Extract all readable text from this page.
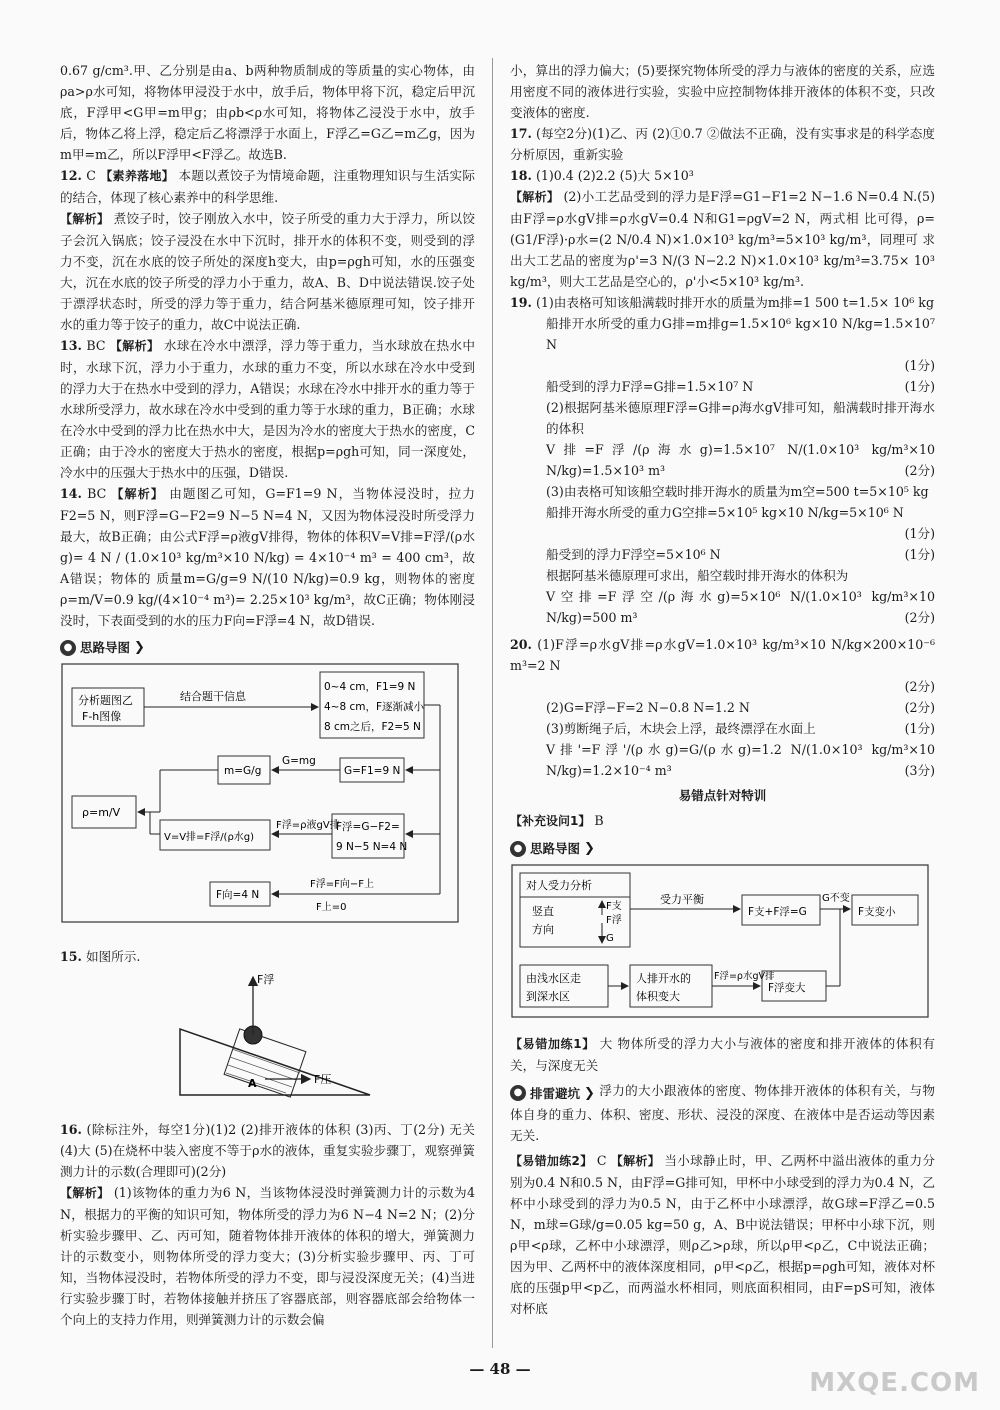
0.67 g/cm³.甲、乙分别是由a、b两种物质制成的等质量的实心物体，由ρa>ρ水可知，将物体甲浸没于水中，放手后，物体甲将下沉，稳定后甲沉底，F浮甲<G甲=m甲g；由ρb<ρ水可知，将物体乙浸没于水中，放手后，物体乙将上浮，稳定后乙将漂浮于水面上，F浮乙=G乙=m乙g，因为m甲=m乙，所以F浮甲<F浮乙。故选B.

12. C 【素养落地】 本题以煮饺子为情境命题，注重物理知识与生活实际的结合，体现了核心素养中的科学思维.
【解析】 煮饺子时，饺子刚放入水中，饺子所受的重力大于浮力，所以饺子会沉入锅底；饺子浸没在水中下沉时，排开水的体积不变，则受到的浮力不变，沉在水底的饺子所处的深度h变大，由p=ρgh可知，水的压强变大，沉在水底的饺子所受的浮力小于重力，故A、B、D中说法错误.饺子处于漂浮状态时，所受的浮力等于重力，结合阿基米德原理可知，饺子排开水的重力等于饺子的重力，故C中说法正确.

13. BC 【解析】 水球在冷水中漂浮，浮力等于重力，当水球放在热水中时，水球下沉，浮力小于重力，水球的重力不变，所以水球在冷水中受到的浮力大于在热水中受到的浮力，A错误；水球在冷水中排开水的重力等于水球所受浮力，故水球在冷水中受到的重力等于水球的重力，B正确；水球在冷水中受到的浮力比在热水中大，是因为冷水的密度大于热水的密度，C正确；由于冷水的密度大于热水的密度，根据p=ρgh可知，同一深度处，冷水中的压强大于热水中的压强，D错误.

14. BC 【解析】 由题图乙可知，G=F1=9 N，当物体浸没时，拉力F2=5 N，则F浮=G−F2=9 N−5 N=4 N，又因为物体浸没时所受浮力最大，故B正确；由公式F浮=ρ液gV排得，物体的体积V=V排=F浮/(ρ水g)= 4 N / (1.0×10³ kg/m³×10 N/kg) = 4×10⁻⁴ m³ = 400 cm³，故A错误；物体的 质量m=G/g=9 N/(10 N/kg)=0.9 kg，则物体的密度ρ=m/V=0.9 kg/(4×10⁻⁴ m³)= 2.25×10³ kg/m³，故C正确；物体刚浸没时，下表面受到的水的压力F向=F浮=4 N，故D错误.

● 思路导图 ❯

分析题图乙
F-h图像
结合题干信息
0~4 cm，F1=9 N
4~8 cm，F逐渐减小
8 cm之后，F2=5 N
G=F1=9 N
G=mg
m=G/g
ρ=m/V
F浮=G−F2=
9 N−5 N=4 N
F浮=ρ液gV排
V=V排=F浮/(ρ水g)
F浮=F向−F上
F上=0
F向=4 N

15. 如图所示.

F浮
F压
A

16. (除标注外，每空1分)(1)2 (2)排开液体的体积 (3)丙、丁(2分) 无关 (4)大 (5)在烧杯中装入密度不等于ρ水的液体，重复实验步骤丁，观察弹簧测力计的示数(合理即可)(2分)
【解析】 (1)该物体的重力为6 N，当该物体浸没时弹簧测力计的示数为4 N，根据力的平衡的知识可知，物体所受的浮力为6 N−4 N=2 N；(2)分析实验步骤甲、乙、丙可知，随着物体排开液体的体积的增大，弹簧测力计的示数变小，则物体所受的浮力变大；(3)分析实验步骤甲、丙、丁可知，当物体浸没时，若物体所受的浮力不变，即与浸没深度无关；(4)当进行实验步骤丁时，若物体接触并挤压了容器底部，则容器底部会给物体一个向上的支持力作用，则弹簧测力计的示数会偏

小，算出的浮力偏大；(5)要探究物体所受的浮力与液体的密度的关系，应选用密度不同的液体进行实验，实验中应控制物体排开液体的体积不变，只改变液体的密度.

17. (每空2分)(1)乙、丙 (2)①0.7 ②做法不正确，没有实事求是的科学态度 分析原因，重新实验

18. (1)0.4 (2)2.2 (5)大 5×10³
【解析】 (2)小工艺品受到的浮力是F浮=G1−F1=2 N−1.6 N=0.4 N.(5)由F浮=ρ水gV排=ρ水gV=0.4 N和G1=ρgV=2 N，两式相 比可得，ρ=(G1/F浮)·ρ水=(2 N/0.4 N)×1.0×10³ kg/m³=5×10³ kg/m³，同理可 求出大工艺品的密度为ρ'=3 N/(3 N−2.2 N)×1.0×10³ kg/m³=3.75× 10³ kg/m³，则大工艺品是空心的，ρ'小<5×10³ kg/m³.

19. (1)由表格可知该船满载时排开水的质量为m排=1 500 t=1.5× 10⁶ kg

船排开水所受的重力G排=m排g=1.5×10⁶ kg×10 N/kg=1.5×10⁷ N

(1分)

船受到的浮力F浮=G排=1.5×10⁷ N	(1分)

(2)根据阿基米德原理F浮=G排=ρ海水gV排可知，船满载时排开海水的体积

V排=F浮/(ρ海水g)=1.5×10⁷ N/(1.0×10³ kg/m³×10 N/kg)=1.5×10³ m³	(2分)

(3)由表格可知该船空载时排开海水的质量为m空=500 t=5×10⁵ kg

船排开海水所受的重力G空排=5×10⁵ kg×10 N/kg=5×10⁶ N

(1分)

船受到的浮力F浮空=5×10⁶ N	(1分)

根据阿基米德原理可求出，船空载时排开海水的体积为

V空排=F浮空/(ρ海水g)=5×10⁶ N/(1.0×10³ kg/m³×10 N/kg)=500 m³	(2分)

20. (1)F浮=ρ水gV排=ρ水gV=1.0×10³ kg/m³×10 N/kg×200×10⁻⁶ m³=2 N

(2分)

(2)G=F浮−F=2 N−0.8 N=1.2 N	(2分)

(3)剪断绳子后，木块会上浮，最终漂浮在水面上	(1分)

V排'=F浮'/(ρ水g)=G/(ρ水g)=1.2 N/(1.0×10³ kg/m³×10 N/kg)=1.2×10⁻⁴ m³	(3分)

易错点针对特训

【补充设问1】 B

● 思路导图 ❯

对人受力分析
竖直
方向
F支
F浮
G
受力平衡
F支+F浮=G
G不变
F支变小
由浅水区走
到深水区
人排开水的
体积变大
F浮=ρ水gV排
F浮变大

【易错加练1】 大 物体所受的浮力大小与液体的密度和排开液体的体积有关，与深度无关

● 排雷避坑 ❯ 浮力的大小跟液体的密度、物体排开液体的体积有关，与物体自身的重力、体积、密度、形状、浸没的深度、在液体中是否运动等因素无关.

【易错加练2】 C 【解析】 当小球静止时，甲、乙两杯中溢出液体的重力分别为0.4 N和0.5 N，由F浮=G排可知，甲杯中小球受到的浮力为0.4 N，乙杯中小球受到的浮力为0.5 N，由于乙杯中小球漂浮，故G球=F浮乙=0.5 N，m球=G球/g=0.05 kg=50 g，A、B中说法错误；甲杯中小球下沉，则ρ甲<ρ球，乙杯中小球漂浮，则ρ乙>ρ球，所以ρ甲<ρ乙，C中说法正确；因为甲、乙两杯中的液体深度相同，ρ甲<ρ乙，根据p=ρgh可知，液体对杯底的压强p甲<p乙，而两溢水杯相同，则底面积相同，由F=pS可知，液体对杯底

— 48 —	MXQE.COM
